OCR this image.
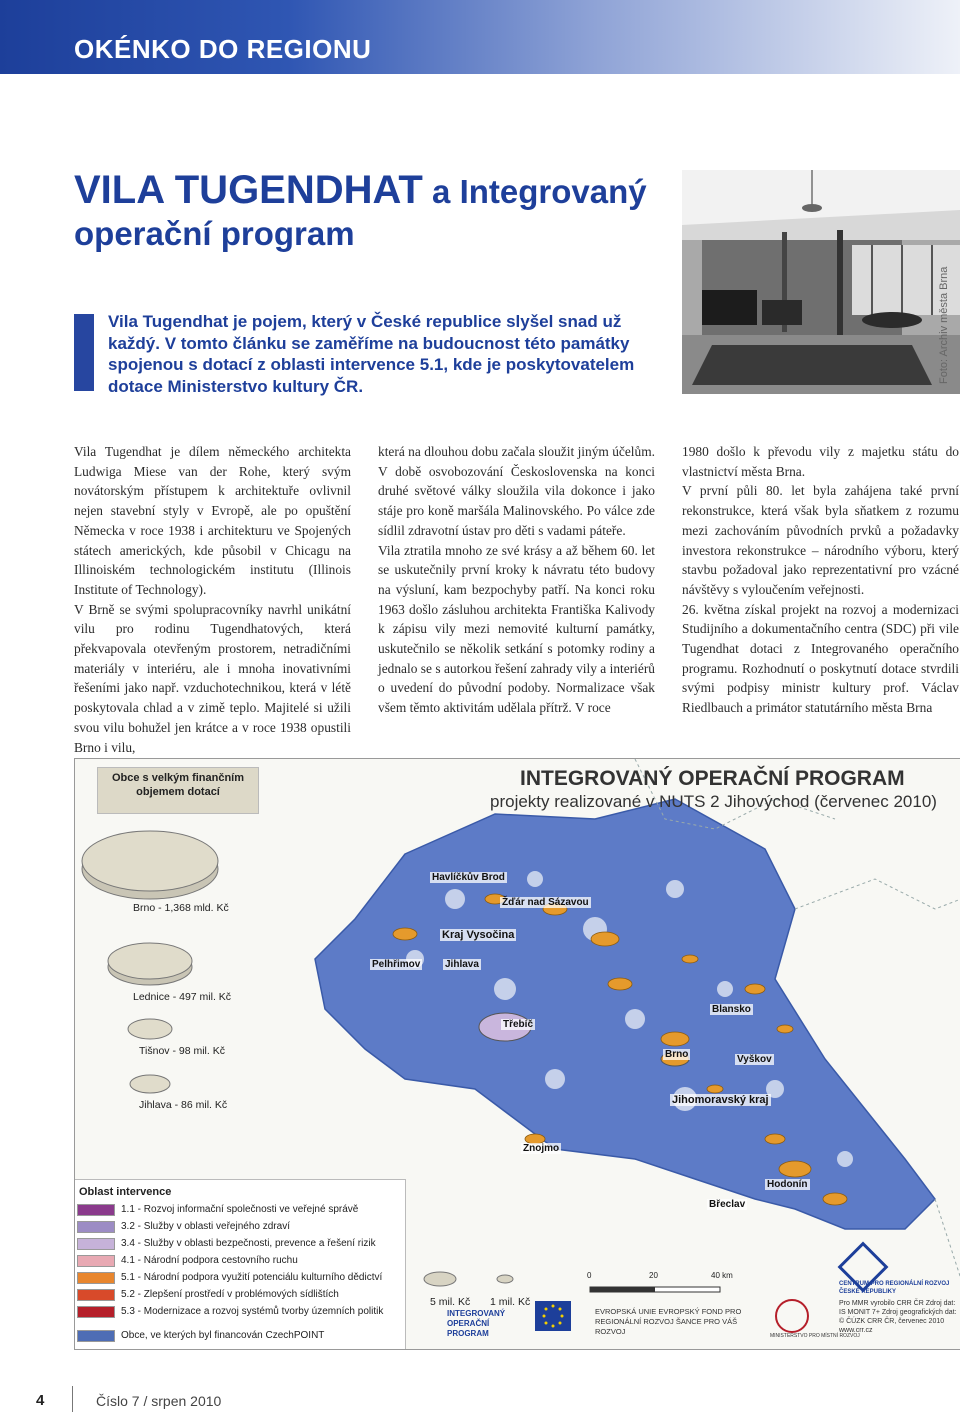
OKÉNKO DO REGIONU
VILA TUGENDHAT a Integrovaný operační program
Vila Tugendhat je pojem, který v České republice slyšel snad už každý. V tomto článku se zaměříme na budoucnost této památky spojenou s dotací z oblasti intervence 5.1, kde je poskytovatelem dotace Ministerstvo kultury ČR.
Foto: Archiv města Brna

Vila Tugendhat je dílem německého architekta Ludwiga Miese van der Rohe, který svým novátorským přístupem k architektuře ovlivnil nejen stavební styly v Evropě, ale po opuštění Německa v roce 1938 i architekturu ve Spojených státech amerických, kde působil v Chicagu na Illinoiském technologickém institutu (Illinois Institute of Technology).

V Brně se svými spolupracovníky navrhl unikátní vilu pro rodinu Tugendhatových, která překvapovala otevřeným prostorem, netradičními materiály v interiéru, ale i mnoha inovativními řešeními jako např. vzduchotechnikou, která v létě poskytovala chlad a v zimě teplo. Majitelé si užili svou vilu bohužel jen krátce a v roce 1938 opustili Brno i vilu,

která na dlouhou dobu začala sloužit jiným účelům. V době osvobozování Československa na konci druhé světové války sloužila vila dokonce i jako stáje pro koně maršála Malinovského. Po válce zde sídlil zdravotní ústav pro děti s vadami páteře.

Vila ztratila mnoho ze své krásy a až během 60. let se uskutečnily první kroky k návratu této budovy na výsluní, kam bezpochyby patří. Na konci roku 1963 došlo zásluhou architekta Františka Kalivody k zápisu vily mezi nemovité kulturní památky, uskutečnilo se několik setkání s potomky rodiny a jednalo se s autorkou řešení zahrady vily a interiérů o uvedení do původní podoby. Normalizace však všem těmto aktivitám udělala přítrž. V roce

1980 došlo k převodu vily z majetku státu do vlastnictví města Brna.

V první půli 80. let byla zahájena také první rekonstrukce, která však byla sňatkem z rozumu mezi zachováním původních prvků a požadavky investora rekonstrukce – národního výboru, který stavbu požadoval jako reprezentativní pro vzácné návštěvy s vyloučením veřejnosti.

26. května získal projekt na rozvoj a modernizaci Studijního a dokumentačního centra (SDC) při vile Tugendhat dotaci z Integrovaného operačního programu. Rozhodnutí o poskytnutí dotace stvrdili svými podpisy ministr kultury prof. Václav Riedlbauch a primátor statutárního města Brna

INTEGROVANÝ OPERAČNÍ PROGRAM
projekty realizované v NUTS 2 Jihovýchod (červenec 2010)
Obce s velkým finančním objemem dotací
Brno - 1,368 mld. Kč
Lednice - 497 mil. Kč
Tišnov - 98 mil. Kč
Jihlava - 86 mil. Kč
Havlíčkův Brod
Žďár nad Sázavou
Kraj Vysočina
Pelhřimov Jihlava
Blansko
Třebíč
Brno	Vyškov
Jihomoravský kraj
Znojmo
Hodonín
Břeclav
Oblast intervence
1.1 - Rozvoj informační společnosti ve veřejné správě
3.2 - Služby v oblasti veřejného zdraví
3.4 - Služby v oblasti bezpečnosti, prevence a řešení rizik
4.1 - Národní podpora cestovního ruchu
5.1 - Národní podpora využití potenciálu kulturního dědictví
5.2 - Zlepšení prostředí v problémových sídlištích
5.3 - Modernizace a rozvoj systémů tvorby územních politik
Obce, ve kterých byl financován CzechPOINT
5 mil. Kč 1 mil. Kč
0	20	40 km
INTEGROVANÝ OPERAČNÍ PROGRAM
EVROPSKÁ UNIE EVROPSKÝ FOND PRO REGIONÁLNÍ ROZVOJ ŠANCE PRO VÁŠ ROZVOJ	MINISTERSTVO PRO MÍSTNÍ ROZVOJ
CENTRUM PRO REGIONÁLNÍ ROZVOJ ČESKÉ REPUBLIKY
Pro MMR vyrobilo CRR ČR Zdroj dat: IS MONIT 7+ Zdroj geografických dat: © ČÚZK CRR ČR, červenec 2010 www.crr.cz
4	Číslo 7 / srpen 2010
